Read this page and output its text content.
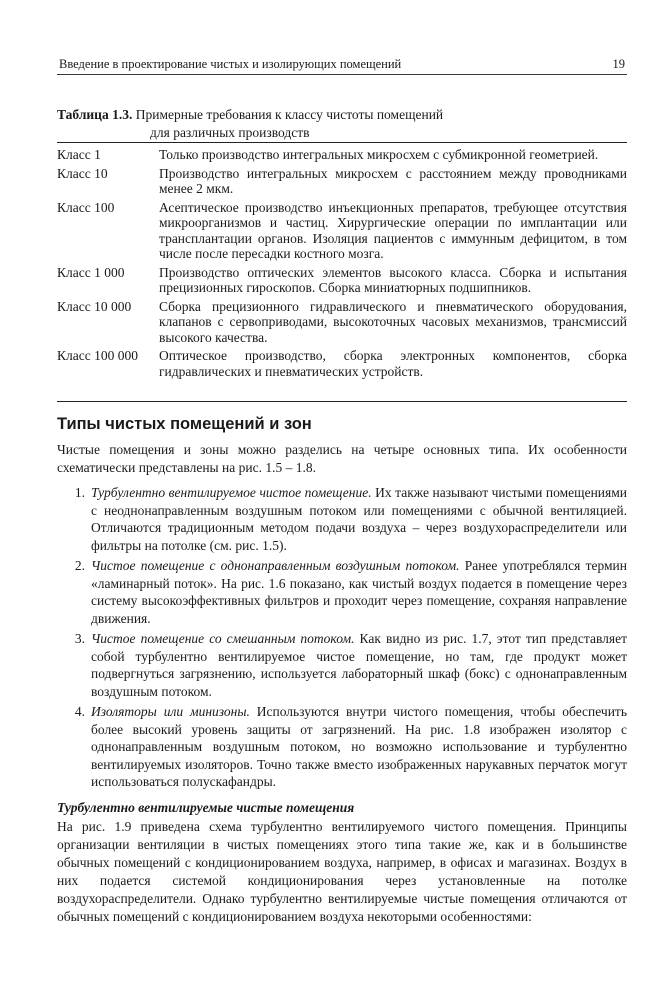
Введение в проектирование чистых и изолирующих помещений	19
Таблица 1.3. Примерные требования к классу чистоты помещений
для различных производств
Класс 1	Только производство интегральных микросхем с субмикронной геометрией.
Класс 10	Производство интегральных микросхем с расстоянием между проводниками менее 2 мкм.
Класс 100	Асептическое производство инъекционных препаратов, требующее отсутствия микроорганизмов и частиц. Хирургические операции по имплантации или трансплантации органов. Изоляция пациентов с иммунным дефицитом, в том числе после пересадки костного мозга.
Класс 1 000	Производство оптических элементов высокого класса. Сборка и испытания прецизионных гироскопов. Сборка миниатюрных подшипников.
Класс 10 000	Сборка прецизионного гидравлического и пневматического оборудования, клапанов с сервоприводами, высокоточных часовых механизмов, трансмиссий высокого качества.
Класс 100 000	Оптическое производство, сборка электронных компонентов, сборка гидравлических и пневматических устройств.
Типы чистых помещений и зон
Чистые помещения и зоны можно разделись на четыре основных типа. Их особенности схематически представлены на рис. 1.5 – 1.8.
1. Турбулентно вентилируемое чистое помещение. Их также называют чистыми помещениями с неоднонаправленным воздушным потоком или помещениями с обычной вентиляцией. Отличаются традиционным методом подачи воздуха – через воздухораспределители или фильтры на потолке (см. рис. 1.5).
2. Чистое помещение с однонаправленным воздушным потоком. Ранее употреблялся термин «ламинарный поток». На рис. 1.6 показано, как чистый воздух подается в помещение через систему высокоэффективных фильтров и проходит через помещение, сохраняя направление движения.
3. Чистое помещение со смешанным потоком. Как видно из рис. 1.7, этот тип представляет собой турбулентно вентилируемое чистое помещение, но там, где продукт может подвергнуться загрязнению, используется лабораторный шкаф (бокс) с однонаправленным воздушным потоком.
4. Изоляторы или минизоны. Используются внутри чистого помещения, чтобы обеспечить более высокий уровень защиты от загрязнений. На рис. 1.8 изображен изолятор с однонаправленным воздушным потоком, но возможно использование и турбулентно вентилируемых изоляторов. Точно также вместо изображенных нарукавных перчаток могут использоваться полускафандры.
Турбулентно вентилируемые чистые помещения
На рис. 1.9 приведена схема турбулентно вентилируемого чистого помещения. Принципы организации вентиляции в чистых помещениях этого типа такие же, как и в большинстве обычных помещений с кондиционированием воздуха, например, в офисах и магазинах. Воздух в них подается системой кондиционирования через установленные на потолке воздухораспределители. Однако турбулентно вентилируемые чистые помещения отличаются от обычных помещений с кондиционированием воздуха некоторыми особенностями:
